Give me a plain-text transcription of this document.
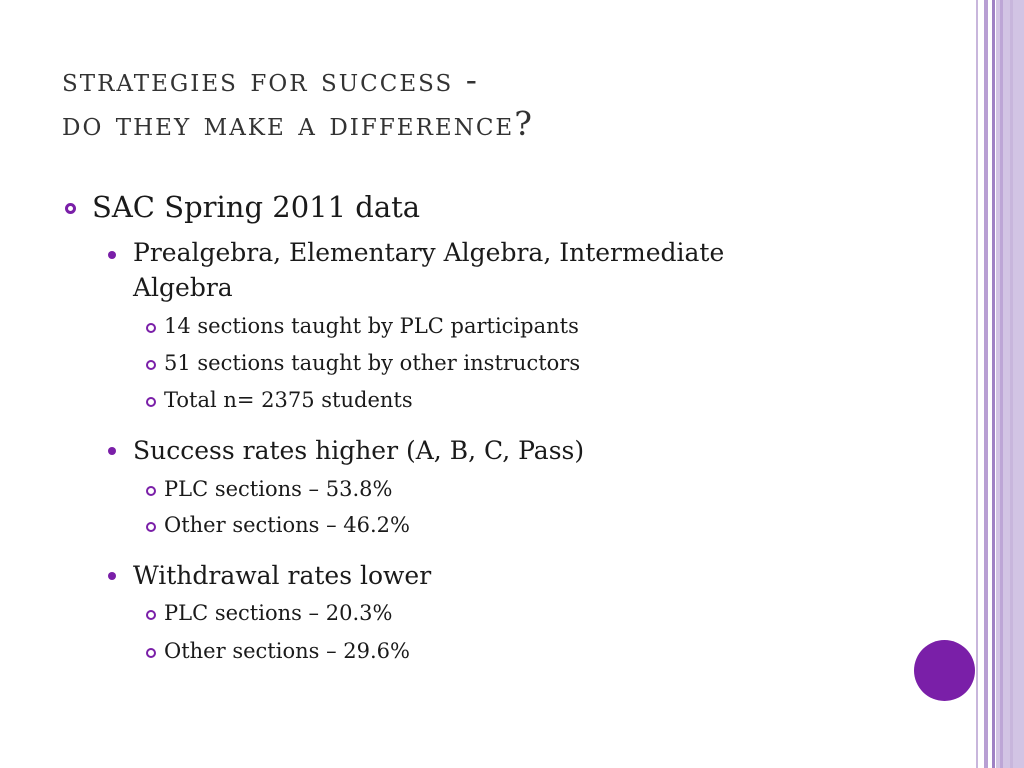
strategies for success -
do they make a difference?
SAC Spring 2011 data
Prealgebra, Elementary Algebra, Intermediate Algebra
14 sections taught by PLC participants
51 sections taught by other instructors
Total n= 2375 students
Success rates higher (A, B, C, Pass)
PLC sections – 53.8%
Other sections – 46.2%
Withdrawal rates lower
PLC sections – 20.3%
Other sections – 29.6%
